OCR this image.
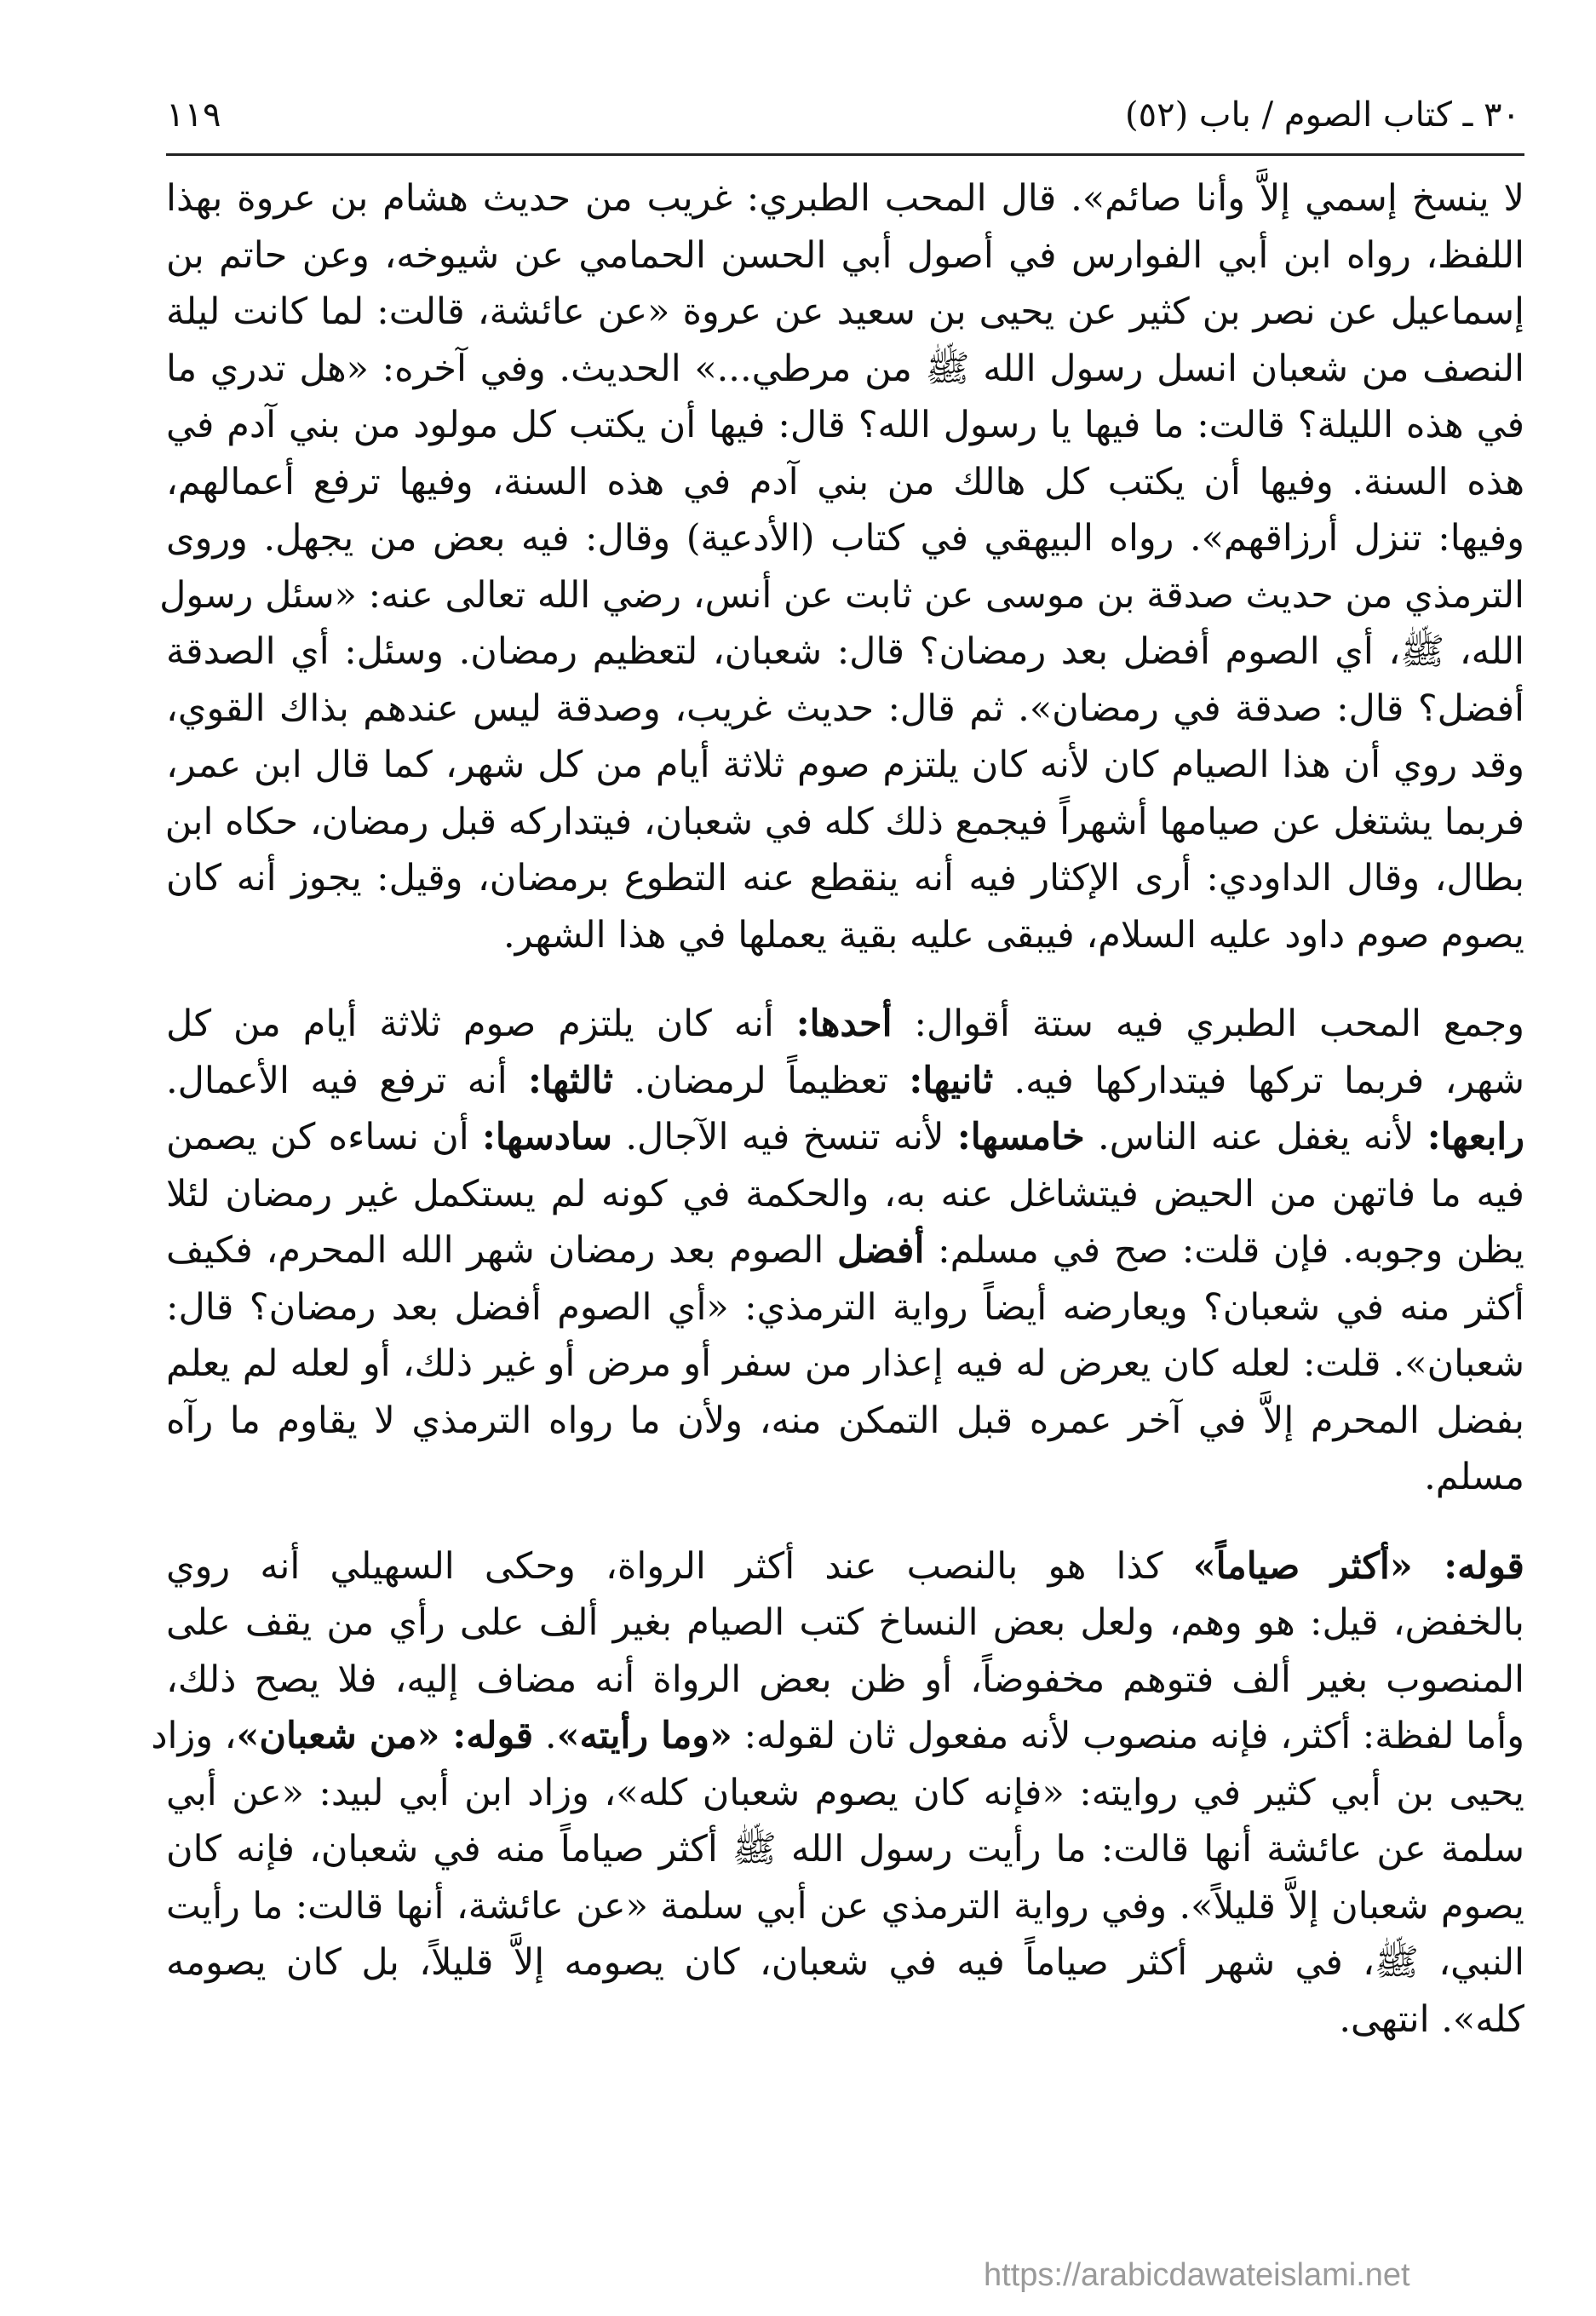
٣٠ ـ كتاب الصوم / باب (٥٢)
١١٩
لا ينسخ إسمي إلاَّ وأنا صائم». قال المحب الطبري: غريب من حديث هشام بن عروة بهذا
اللفظ، رواه ابن أبي الفوارس في أصول أبي الحسن الحمامي عن شيوخه، وعن حاتم بن
إسماعيل عن نصر بن كثير عن يحيى بن سعيد عن عروة «عن عائشة، قالت: لما كانت ليلة
النصف من شعبان انسل رسول الله ﷺ من مرطي...» الحديث. وفي آخره: «هل تدري ما
في هذه الليلة؟ قالت: ما فيها يا رسول الله؟ قال: فيها أن يكتب كل مولود من بني آدم في
هذه السنة. وفيها أن يكتب كل هالك من بني آدم في هذه السنة، وفيها ترفع أعمالهم،
وفيها: تنزل أرزاقهم». رواه البيهقي في كتاب (الأدعية) وقال: فيه بعض من يجهل. وروى
الترمذي من حديث صدقة بن موسى عن ثابت عن أنس، رضي الله تعالى عنه: «سئل رسول
الله، ﷺ، أي الصوم أفضل بعد رمضان؟ قال: شعبان، لتعظيم رمضان. وسئل: أي الصدقة
أفضل؟ قال: صدقة في رمضان». ثم قال: حديث غريب، وصدقة ليس عندهم بذاك القوي،
وقد روي أن هذا الصيام كان لأنه كان يلتزم صوم ثلاثة أيام من كل شهر، كما قال ابن عمر،
فربما يشتغل عن صيامها أشهراً فيجمع ذلك كله في شعبان، فيتداركه قبل رمضان، حكاه ابن
بطال، وقال الداودي: أرى الإكثار فيه أنه ينقطع عنه التطوع برمضان، وقيل: يجوز أنه كان
يصوم صوم داود عليه السلام، فيبقى عليه بقية يعملها في هذا الشهر.
وجمع المحب الطبري فيه ستة أقوال: أحدها: أنه كان يلتزم صوم ثلاثة أيام من كل
شهر، فربما تركها فيتداركها فيه. ثانيها: تعظيماً لرمضان. ثالثها: أنه ترفع فيه الأعمال.
رابعها: لأنه يغفل عنه الناس. خامسها: لأنه تنسخ فيه الآجال. سادسها: أن نساءه كن يصمن
فيه ما فاتهن من الحيض فيتشاغل عنه به، والحكمة في كونه لم يستكمل غير رمضان لئلا
يظن وجوبه. فإن قلت: صح في مسلم: أفضل الصوم بعد رمضان شهر الله المحرم، فكيف
أكثر منه في شعبان؟ ويعارضه أيضاً رواية الترمذي: «أي الصوم أفضل بعد رمضان؟ قال:
شعبان». قلت: لعله كان يعرض له فيه إعذار من سفر أو مرض أو غير ذلك، أو لعله لم يعلم
بفضل المحرم إلاَّ في آخر عمره قبل التمكن منه، ولأن ما رواه الترمذي لا يقاوم ما رآه
مسلم.
قوله: «أكثر صياماً» كذا هو بالنصب عند أكثر الرواة، وحكى السهيلي أنه روي
بالخفض، قيل: هو وهم، ولعل بعض النساخ كتب الصيام بغير ألف على رأي من يقف على
المنصوب بغير ألف فتوهم مخفوضاً، أو ظن بعض الرواة أنه مضاف إليه، فلا يصح ذلك،
وأما لفظة: أكثر، فإنه منصوب لأنه مفعول ثان لقوله: «وما رأيته». قوله: «من شعبان»، وزاد
يحيى بن أبي كثير في روايته: «فإنه كان يصوم شعبان كله»، وزاد ابن أبي لبيد: «عن أبي
سلمة عن عائشة أنها قالت: ما رأيت رسول الله ﷺ أكثر صياماً منه في شعبان، فإنه كان
يصوم شعبان إلاَّ قليلاً». وفي رواية الترمذي عن أبي سلمة «عن عائشة، أنها قالت: ما رأيت
النبي، ﷺ، في شهر أكثر صياماً فيه في شعبان، كان يصومه إلاَّ قليلاً، بل كان يصومه
كله». انتهى.
https://arabicdawateislami.net
